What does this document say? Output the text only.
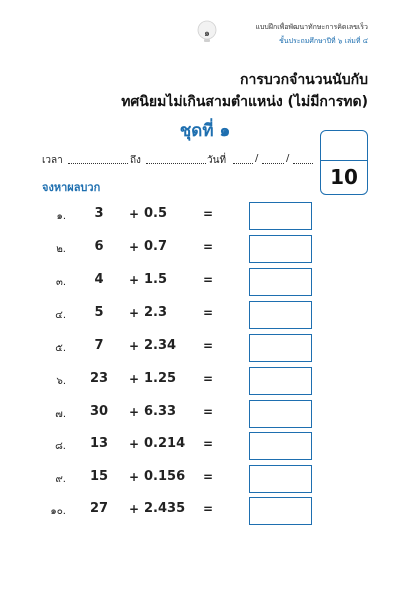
๑
แบบฝึกเพื่อพัฒนาทักษะการคิดเลขเร็ว
ชั้นประถมศึกษาปีที่ ๖ เล่มที่ ๔
การบวกจำนวนนับกับ
ทศนิยมไม่เกินสามตำแหน่ง (ไม่มีการทด)
ชุดที่ ๑
10
เวลา	ถึง	วันที่	/	/
จงหาผลบวก
๑.	3	+ 0.5	=
๒.	6	+ 0.7	=
๓.	4	+ 1.5	=
๔.	5	+ 2.3	=
๕.	7	+ 2.34	=
๖.	23	+ 1.25	=
๗.	30	+ 6.33	=
๘.	13	+ 0.214	=
๙.	15	+ 0.156	=
๑๐.	27	+ 2.435	=
